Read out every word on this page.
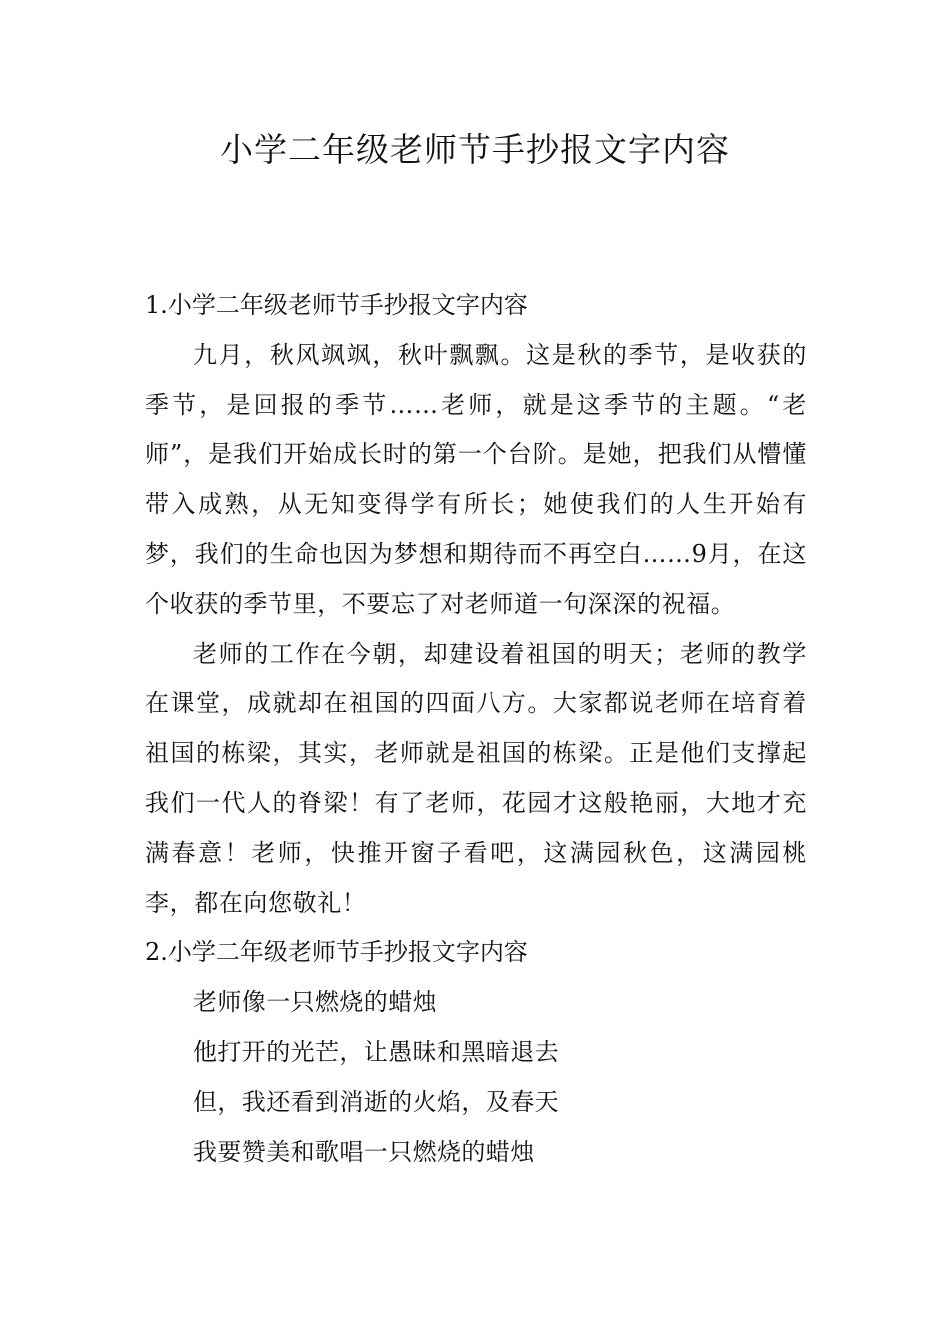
小学二年级老师节手抄报文字内容

1.小学二年级老师节手抄报文字内容

九月，秋风飒飒，秋叶飘飘。这是秋的季节，是收获的季节，是回报的季节……老师，就是这季节的主题。“老师”，是我们开始成长时的第一个台阶。是她，把我们从懵懂带入成熟，从无知变得学有所长；她使我们的人生开始有梦，我们的生命也因为梦想和期待而不再空白……9月，在这个收获的季节里，不要忘了对老师道一句深深的祝福。

老师的工作在今朝，却建设着祖国的明天；老师的教学在课堂，成就却在祖国的四面八方。大家都说老师在培育着祖国的栋梁，其实，老师就是祖国的栋梁。正是他们支撑起我们一代人的脊梁！有了老师，花园才这般艳丽，大地才充满春意！老师，快推开窗子看吧，这满园秋色，这满园桃李，都在向您敬礼！

2.小学二年级老师节手抄报文字内容

老师像一只燃烧的蜡烛

他打开的光芒，让愚昧和黑暗退去

但，我还看到消逝的火焰，及春天

我要赞美和歌唱一只燃烧的蜡烛
